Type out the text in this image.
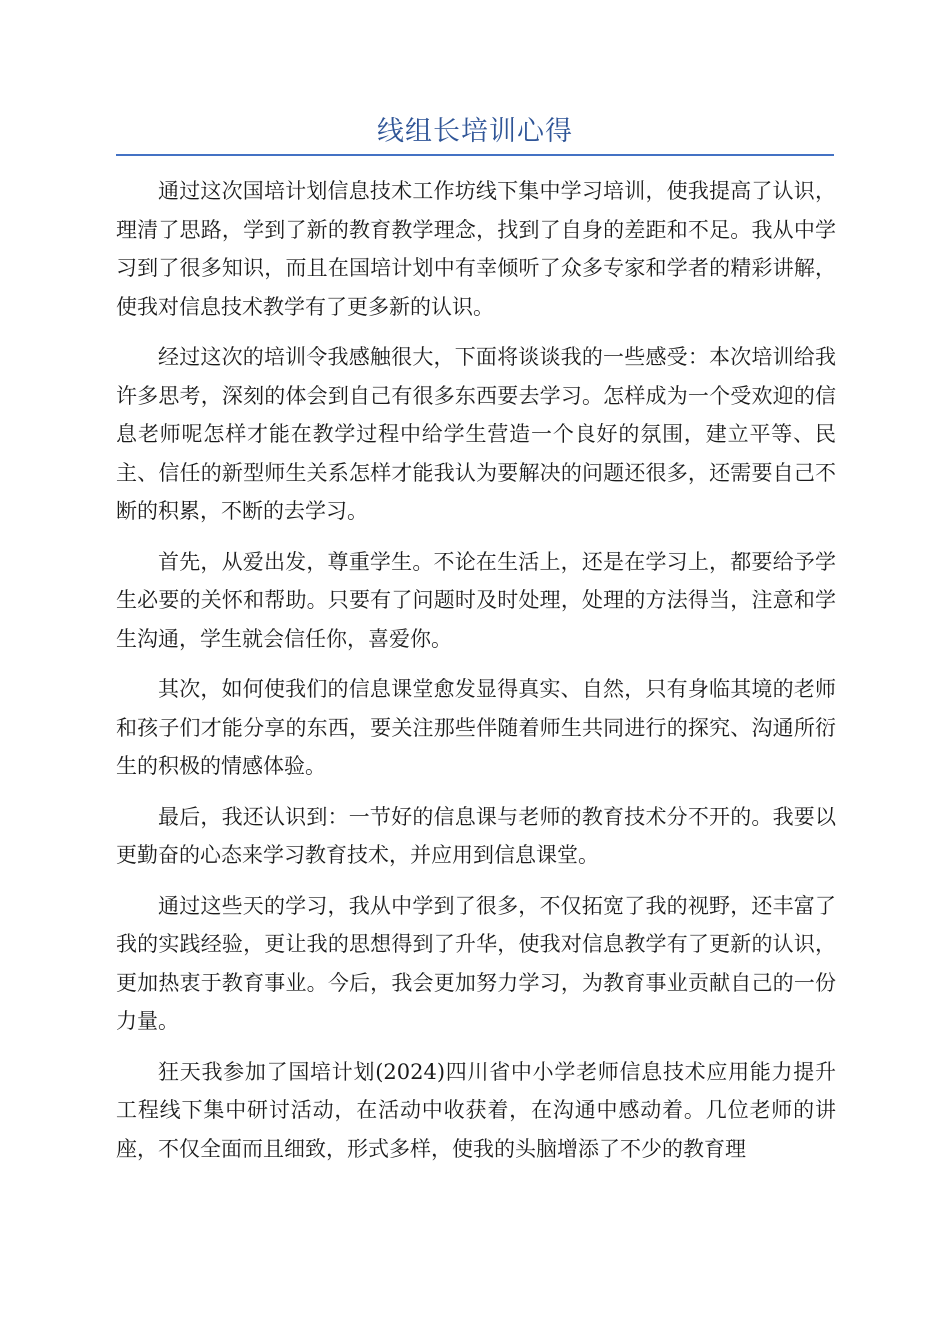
线组长培训心得

通过这次国培计划信息技术工作坊线下集中学习培训，使我提高了认识，理清了思路，学到了新的教育教学理念，找到了自身的差距和不足。我从中学习到了很多知识，而且在国培计划中有幸倾听了众多专家和学者的精彩讲解，使我对信息技术教学有了更多新的认识。

经过这次的培训令我感触很大，下面将谈谈我的一些感受：本次培训给我许多思考，深刻的体会到自己有很多东西要去学习。怎样成为一个受欢迎的信息老师呢怎样才能在教学过程中给学生营造一个良好的氛围，建立平等、民主、信任的新型师生关系怎样才能我认为要解决的问题还很多，还需要自己不断的积累，不断的去学习。

首先，从爱出发，尊重学生。不论在生活上，还是在学习上，都要给予学生必要的关怀和帮助。只要有了问题时及时处理，处理的方法得当，注意和学生沟通，学生就会信任你，喜爱你。

其次，如何使我们的信息课堂愈发显得真实、自然，只有身临其境的老师和孩子们才能分享的东西，要关注那些伴随着师生共同进行的探究、沟通所衍生的积极的情感体验。

最后，我还认识到：一节好的信息课与老师的教育技术分不开的。我要以更勤奋的心态来学习教育技术，并应用到信息课堂。

通过这些天的学习，我从中学到了很多，不仅拓宽了我的视野，还丰富了我的实践经验，更让我的思想得到了升华，使我对信息教学有了更新的认识，更加热衷于教育事业。今后，我会更加努力学习，为教育事业贡献自己的一份力量。

狂天我参加了国培计划(2024)四川省中小学老师信息技术应用能力提升工程线下集中研讨活动，在活动中收获着，在沟通中感动着。几位老师的讲座，不仅全面而且细致，形式多样，使我的头脑增添了不少的教育理
